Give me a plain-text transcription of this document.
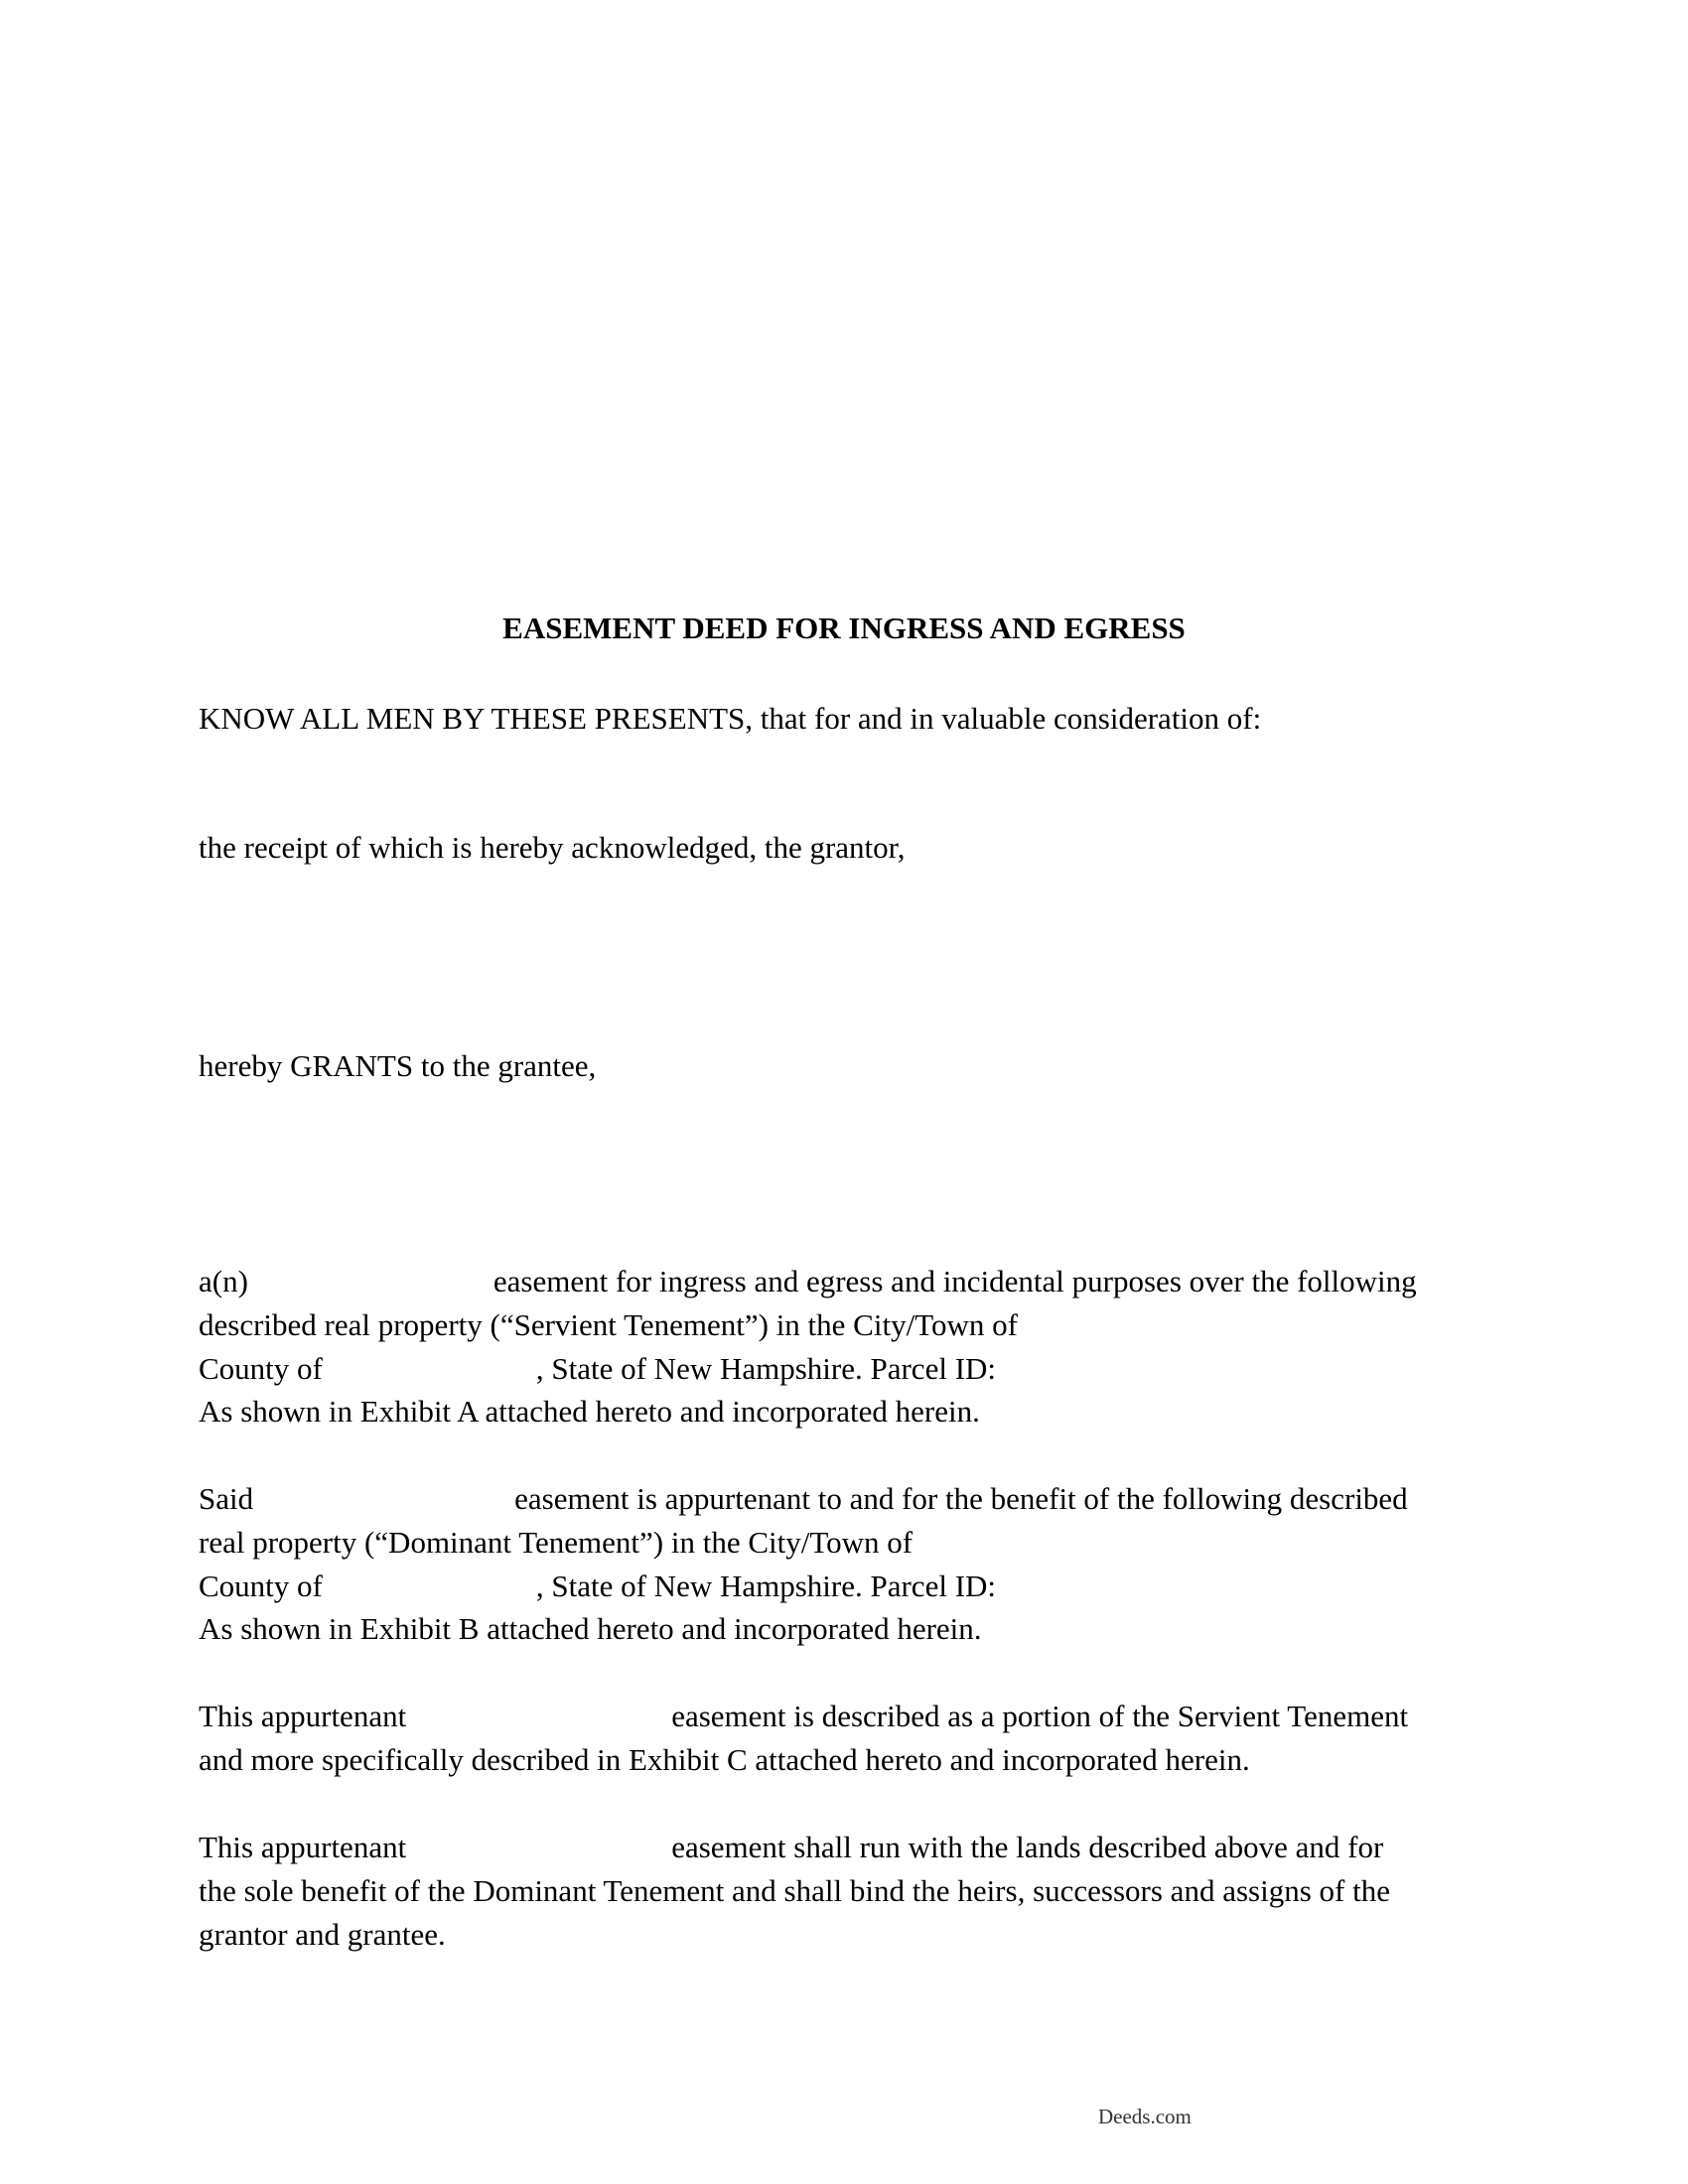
EASEMENT DEED FOR INGRESS AND EGRESS
KNOW ALL MEN BY THESE PRESENTS, that for and in valuable consideration of:
the receipt of which is hereby acknowledged, the grantor,
hereby GRANTS to the grantee,
a(n)	easement for ingress and egress and incidental purposes over the following
described real property (“Servient Tenement”) in the City/Town of
County of	, State of New Hampshire. Parcel ID:
As shown in Exhibit A attached hereto and incorporated herein.
Said	easement is appurtenant to and for the benefit of the following described
real property (“Dominant Tenement”) in the City/Town of
County of	, State of New Hampshire. Parcel ID:
As shown in Exhibit B attached hereto and incorporated herein.
This appurtenant	easement is described as a portion of the Servient Tenement
and more specifically described in Exhibit C attached hereto and incorporated herein.
This appurtenant	easement shall run with the lands described above and for
the sole benefit of the Dominant Tenement and shall bind the heirs, successors and assigns of the
grantor and grantee.
Deeds.com
